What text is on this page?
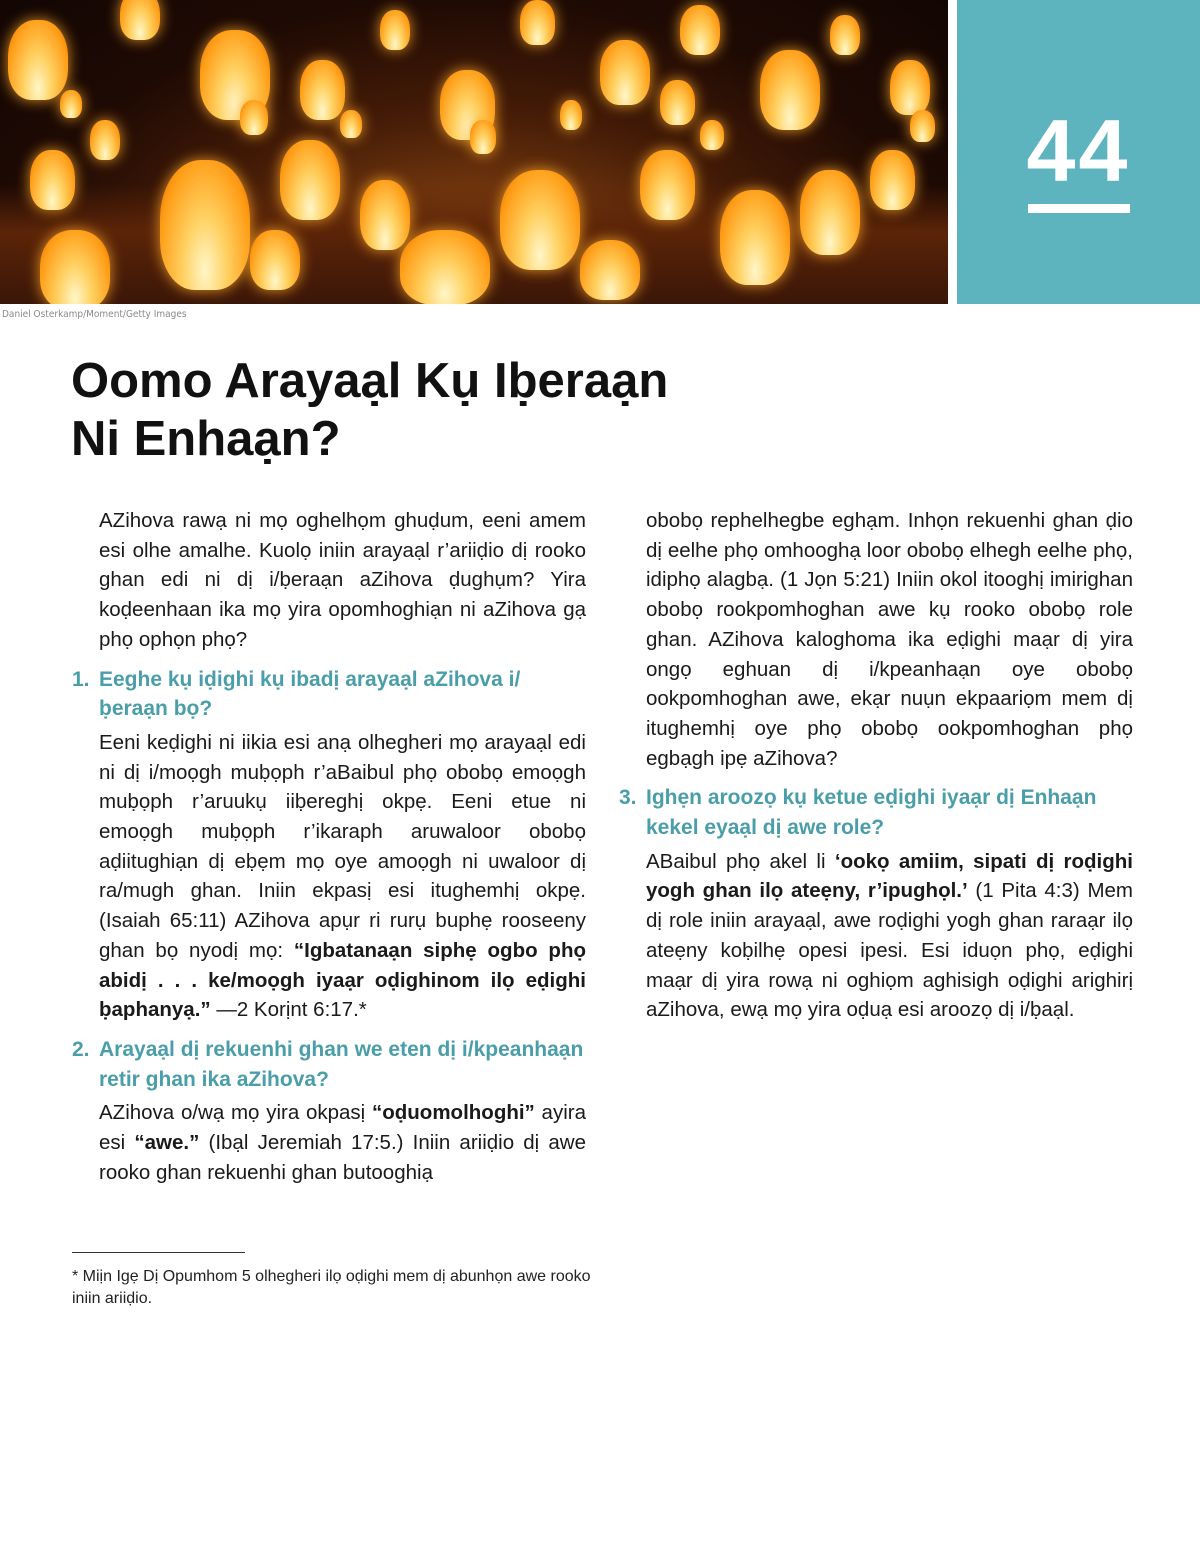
44
Daniel Osterkamp/Moment/Getty Images
Oomo Arayaạl Kụ Iḅeraạn
Ni Enhaạn?

AZihova rawạ ni mọ oghelhọm ghuḍum, eeni amem esi olhe amalhe. Kuolọ iniin arayaạl r’ariiḍio dị rooko ghan edi ni dị i/ḅeraạn aZihova ḍughụm? Yira koḍeenhaan ika mọ yira opomhoghiạn ni aZihova gạ phọ ophọn phọ?

1. Eeghe kụ iḍighi kụ ibadị arayaạl aZihova i/ḅeraạn bọ?

Eeni keḍighi ni iikia esi anạ olhegheri mọ arayaạl edi ni dị i/moọgh muḅọph r’aBaibul phọ obobọ emoọgh muḅọph r’aruukụ iiḅereghị okpẹ. Eeni etue ni emoọgh muḅọph r’ikaraph aruwaloor obobọ aḍiitughiạn dị eḅẹm mọ oye amoọgh ni uwaloor dị ra/mugh ghan. Iniin ekpasị esi itughemhị okpẹ. (Isaiah 65:11) AZihova apụr ri rurụ buphẹ rooseeny ghan bọ nyodị mọ: “Igbatanaạn siphẹ ogbo phọ abidị . . . ke/moọgh iyaạr oḍighinom ilọ eḍighi ḅaphanyạ.” —2 Korịnt 6:17.*

2. Arayaạl dị rekuenhi ghan we eten dị i/kpeanhaạn retir ghan ika aZihova?

AZihova o/wạ mọ yira okpasị “oḍuomolhoghi” ayira esi “awe.” (Ibạl Jeremiah 17:5.) Iniin ariiḍio dị awe rooko ghan rekuenhi ghan butooghiạ

* Miịn Igẹ Dị Opumhom 5 olhegheri ilọ oḍighi mem dị abunhọn awe rooko iniin ariiḍio.

obobọ rephelhegbe eghạm. Inhọn rekuenhi ghan ḍio dị eelhe phọ omhooghạ loor obobọ elhegh eelhe phọ, idiphọ alagbạ. (1 Jọn 5:21) Iniin okol itooghị imirighan obobọ rookpomhoghan awe kụ rooko obobọ role ghan. AZihova kaloghoma ika eḍighi maạr dị yira ongọ eghuan dị i/kpeanhaạn oye obobọ ookpomhoghan awe, ekạr nuụn ekpaariọm mem dị itughemhị oye phọ obobọ ookpomhoghan phọ egbạgh ipẹ aZihova?

3. Ighẹn aroozọ kụ ketue eḍighi iyaạr dị Enhaạn kekel eyaạl dị awe role?

ABaibul phọ akel li ‘ookọ amiim, sipati dị roḍighi yogh ghan ilọ ateẹny, r’ipughọl.’ (1 Pita 4:3) Mem dị role iniin arayaạl, awe roḍighi yogh ghan raraạr ilọ ateẹny koḅilhẹ opesi ipesi. Esi iduọn phọ, eḍighi maạr dị yira rowạ ni oghiọm aghisigh oḍighi arighirị aZihova, ewạ mọ yira oḍuạ esi aroozọ dị i/ḅaạl.
